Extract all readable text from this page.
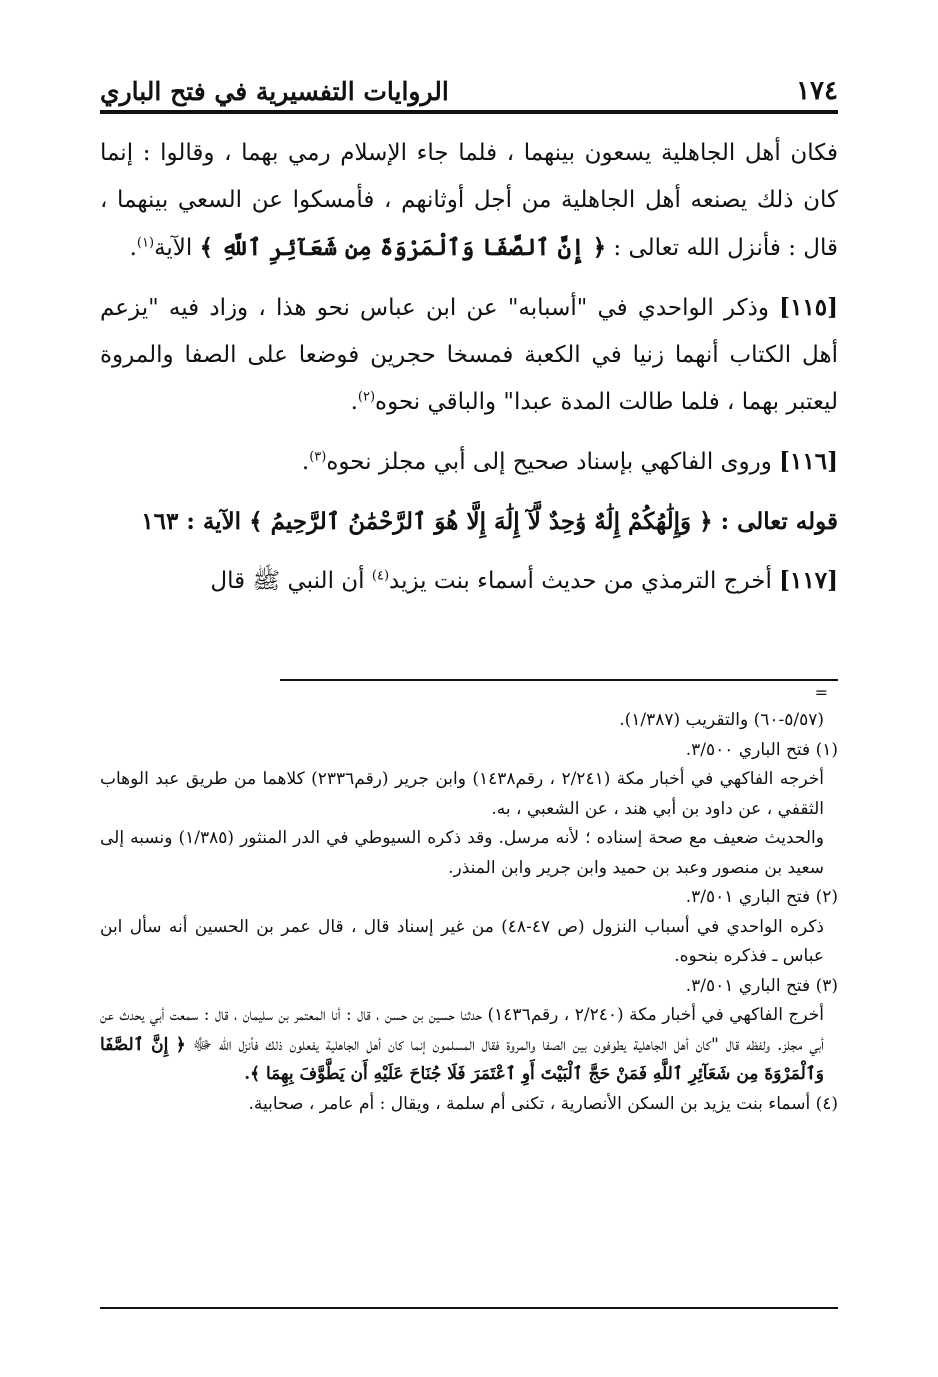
١٧٤
الروايات التفسيرية في فتح الباري

فكان أهل الجاهلية يسعون بينهما ، فلما جاء الإسلام رمي بهما ، وقالوا : إنما كان ذلك يصنعه أهل الجاهلية من أجل أوثانهم ، فأمسكوا عن السعي بينهما ، قال : فأنزل الله تعالى : ﴿ إِنَّ ٱلصَّفَا وَٱلْمَرْوَةَ مِن شَعَآئِرِ ٱللَّهِ ﴾ الآية$^{(١)}$.

[١١٥] وذكر الواحدي في "أسبابه" عن ابن عباس نحو هذا ، وزاد فيه "يزعم أهل الكتاب أنهما زنيا في الكعبة فمسخا حجرين فوضعا على الصفا والمروة ليعتبر بهما ، فلما طالت المدة عبدا" والباقي نحوه$^{(٢)}$.

[١١٦] وروى الفاكهي بإسناد صحيح إلى أبي مجلز نحوه$^{(٣)}$.

قوله تعالى : ﴿ وَإِلَٰهُكُمْ إِلَٰهٌ وَٰحِدٌ لَّآ إِلَٰهَ إِلَّا هُوَ ٱلرَّحْمَٰنُ ٱلرَّحِيمُ ﴾ الآية : ١٦٣

[١١٧] أخرج الترمذي من حديث أسماء بنت يزيد$^{(٤)}$ أن النبي ﷺ قال

=

(٥/٥٧-٦٠) والتقريب (١/٣٨٧).

(١) فتح الباري ٣/٥٠٠.

أخرجه الفاكهي في أخبار مكة (٢/٢٤١ ، رقم١٤٣٨) وابن جرير (رقم٢٣٣٦) كلاهما من طريق عبد الوهاب الثقفي ، عن داود بن أبي هند ، عن الشعبي ، به.

والحديث ضعيف مع صحة إسناده ؛ لأنه مرسل. وقد ذكره السيوطي في الدر المنثور (١/٣٨٥) ونسبه إلى سعيد بن منصور وعبد بن حميد وابن جرير وابن المنذر.

(٢) فتح الباري ٣/٥٠١.

ذكره الواحدي في أسباب النزول (ص ٤٧-٤٨) من غير إسناد قال ، قال عمر بن الحسين أنه سأل ابن عباس ـ فذكره بنحوه.

(٣) فتح الباري ٣/٥٠١.

أخرج الفاكهي في أخبار مكة (٢/٢٤٠ ، رقم١٤٣٦) حدثنا حسين بن حسن ، قال : أنا المعتمر بن سليمان ، قال : سمعت أبي يحدث عن أبي مجلز. ولفظه قال "كان أهل الجاهلية يطوفون بين الصفا والمروة فقال المسلمون إنما كان أهل الجاهلية يفعلون ذلك فأنزل الله ﷻ ﴿ إِنَّ ٱلصَّفَا وَٱلْمَرْوَةَ مِن شَعَآئِرِ ٱللَّهِ فَمَنْ حَجَّ ٱلْبَيْتَ أَوِ ٱعْتَمَرَ فَلَا جُنَاحَ عَلَيْهِ أَن يَطَّوَّفَ بِهِمَا ﴾.

(٤) أسماء بنت يزيد بن السكن الأنصارية ، تكنى أم سلمة ، ويقال : أم عامر ، صحابية.
